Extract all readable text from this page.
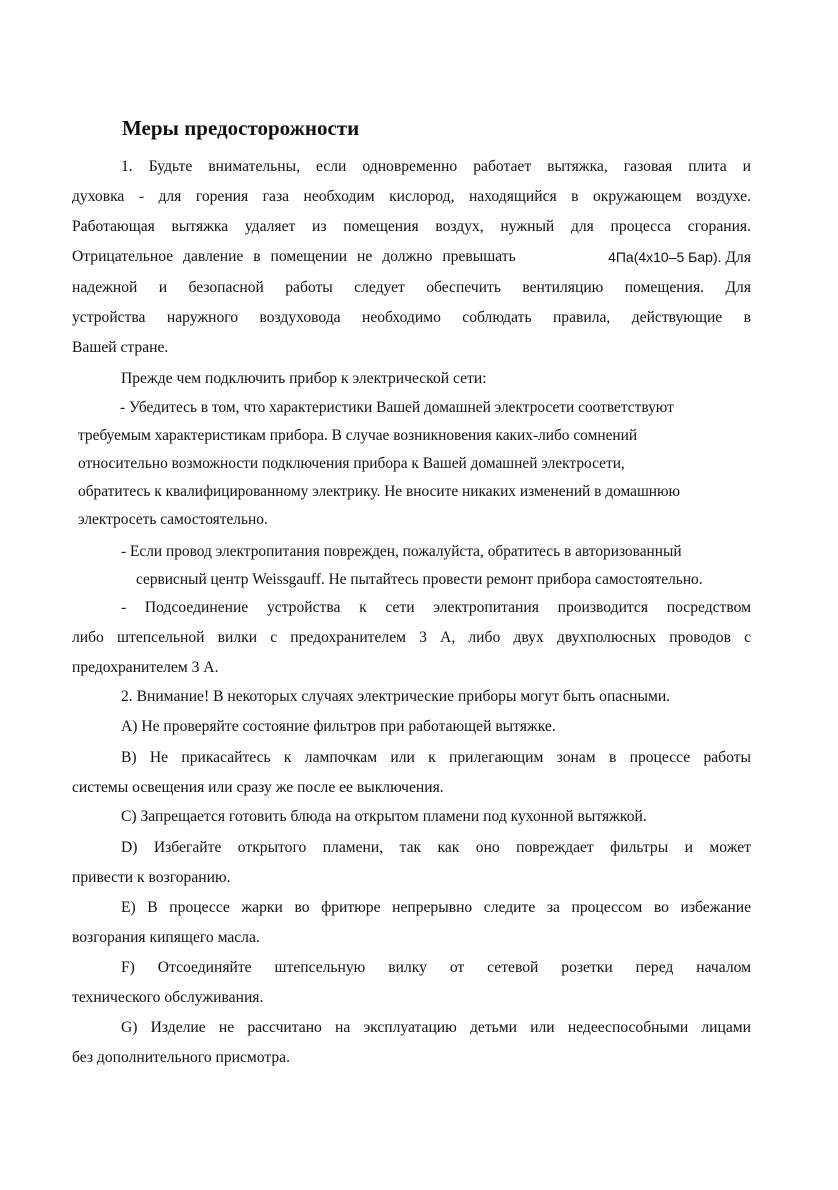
Меры предосторожности
1. Будьте внимательны, если одновременно работает вытяжка, газовая плита и
духовка - для горения газа необходим кислород, находящийся в окружающем воздухе.
Работающая вытяжка удаляет из помещения воздух, нужный для процесса сгорания.
Отрицательное давление в помещении не должно превышать	4Па(4х10–5 Бар). Для
надежной и безопасной работы следует обеспечить вентиляцию помещения. Для
устройства наружного воздуховода необходимо соблюдать правила, действующие в
Вашей стране.
Прежде чем подключить прибор к электрической сети:
- Убедитесь в том, что характеристики Вашей домашней электросети соответствуют
требуемым характеристикам прибора. В случае возникновения каких-либо сомнений
относительно возможности подключения прибора к Вашей домашней электросети,
обратитесь к квалифицированному электрику. Не вносите никаких изменений в домашнюю
электросеть самостоятельно.
- Если провод электропитания поврежден, пожалуйста, обратитесь в авторизованный
сервисный центр Weissgauff. Не пытайтесь провести ремонт прибора самостоятельно.
- Подсоединение устройства к сети электропитания производится посредством
либо штепсельной вилки с предохранителем 3 А, либо двух двухполюсных проводов с
предохранителем 3 А.
2. Внимание! В некоторых случаях электрические приборы могут быть опасными.
А) Не проверяйте состояние фильтров при работающей вытяжке.
В) Не прикасайтесь к лампочкам или к прилегающим зонам в процессе работы
системы освещения или сразу же после ее выключения.
С) Запрещается готовить блюда на открытом пламени под кухонной вытяжкой.
D) Избегайте открытого пламени, так как оно повреждает фильтры и может
привести к возгоранию.
E) В процессе жарки во фритюре непрерывно следите за процессом во избежание
возгорания кипящего масла.
F) Отсоединяйте штепсельную вилку от сетевой розетки перед началом
технического обслуживания.
G) Изделие не рассчитано на эксплуатацию детьми или недееспособными лицами
без дополнительного присмотра.
